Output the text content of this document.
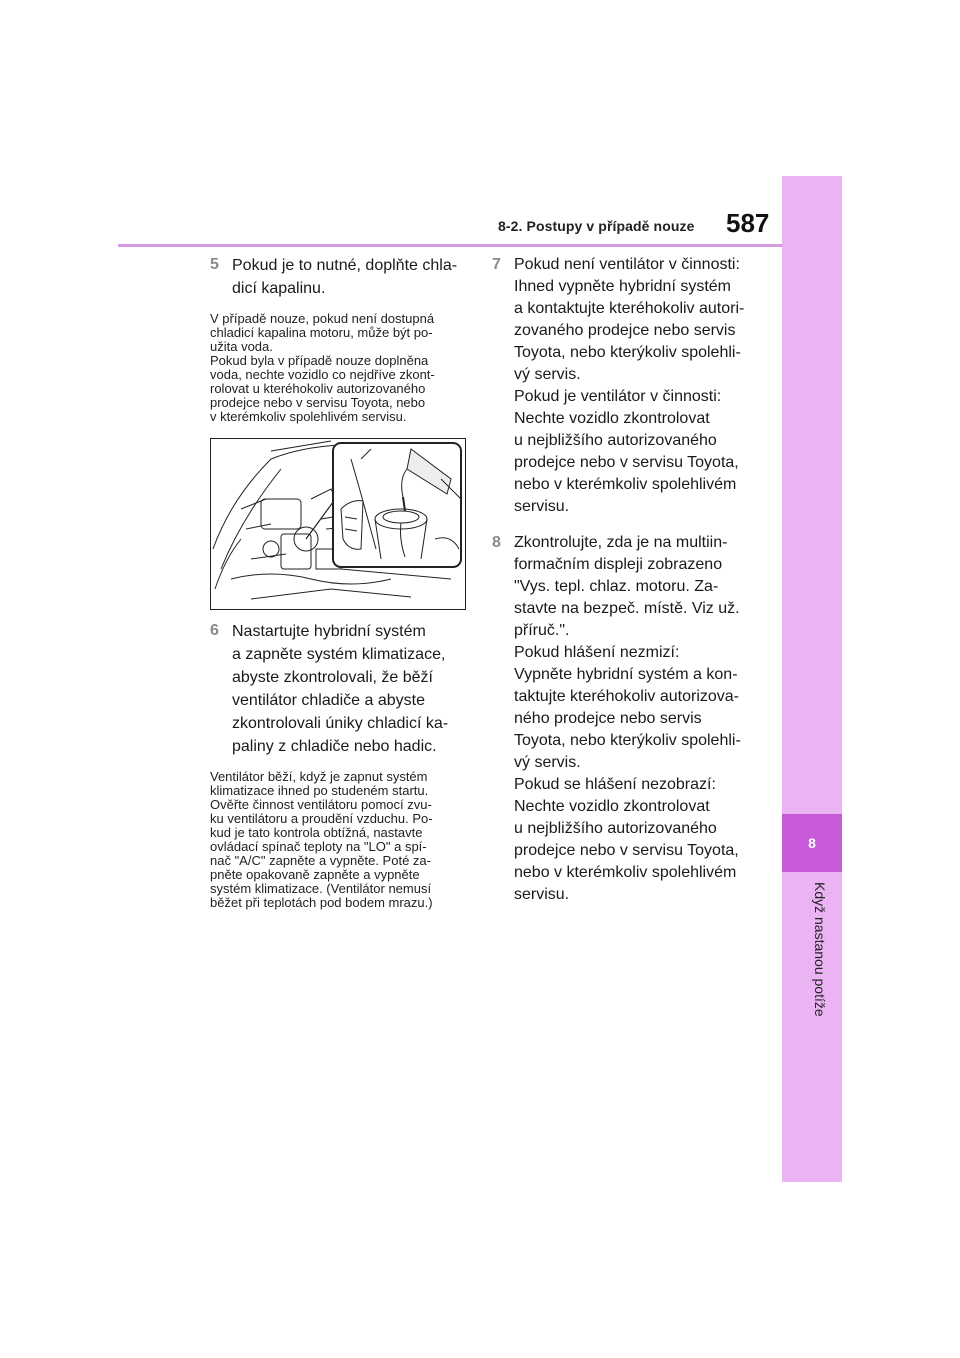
8-2. Postupy v případě nouze 587
8
Když nastanou potíže
5 Pokud je to nutné, doplňte chla-
dicí kapalinu.
V případě nouze, pokud není dostupná
chladicí kapalina motoru, může být po-
užita voda.
Pokud byla v případě nouze doplněna
voda, nechte vozidlo co nejdříve zkont-
rolovat u kteréhokoliv autorizovaného
prodejce nebo v servisu Toyota, nebo
v kterémkoliv spolehlivém servisu.
6 Nastartujte hybridní systém
a zapněte systém klimatizace,
abyste zkontrolovali, že běží
ventilátor chladiče a abyste
zkontrolovali úniky chladicí ka-
paliny z chladiče nebo hadic.
Ventilátor běží, když je zapnut systém
klimatizace ihned po studeném startu.
Ověřte činnost ventilátoru pomocí zvu-
ku ventilátoru a proudění vzduchu. Po-
kud je tato kontrola obtížná, nastavte
ovládací spínač teploty na "LO" a spí-
nač "A/C" zapněte a vypněte. Poté za-
pněte opakovaně zapněte a vypněte
systém klimatizace. (Ventilátor nemusí
běžet při teplotách pod bodem mrazu.)
7 Pokud není ventilátor v činnosti:
Ihned vypněte hybridní systém
a kontaktujte kteréhokoliv autori-
zovaného prodejce nebo servis
Toyota, nebo kterýkoliv spolehli-
vý servis.
Pokud je ventilátor v činnosti:
Nechte vozidlo zkontrolovat
u nejbližšího autorizovaného
prodejce nebo v servisu Toyota,
nebo v kterémkoliv spolehlivém
servisu.
8 Zkontrolujte, zda je na multiin-
formačním displeji zobrazeno
"Vys. tepl. chlaz. motoru. Za-
stavte na bezpeč. místě. Viz už.
příruč.".
Pokud hlášení nezmizí:
Vypněte hybridní systém a kon-
taktujte kteréhokoliv autorizova-
ného prodejce nebo servis
Toyota, nebo kterýkoliv spolehli-
vý servis.
Pokud se hlášení nezobrazí:
Nechte vozidlo zkontrolovat
u nejbližšího autorizovaného
prodejce nebo v servisu Toyota,
nebo v kterémkoliv spolehlivém
servisu.
